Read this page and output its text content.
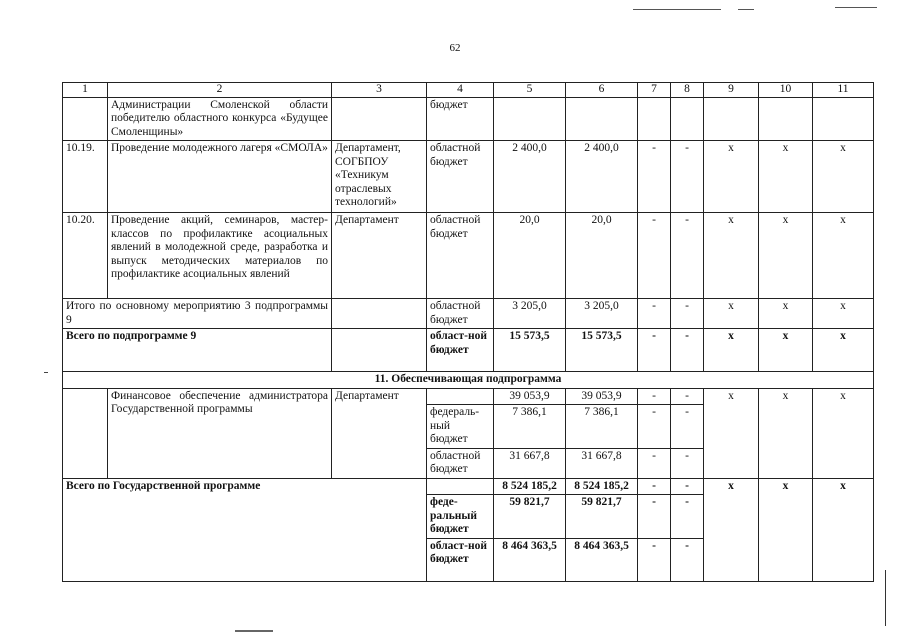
62
1	2	3	4	5	6	7	8	9	10	11
	Администрации Смоленской области победителю областного конкурса «Будущее Смоленщины»		бюджет							
10.19.	Проведение молодежного лагеря «СМОЛА»	Департамент, СОГБПОУ «Техникум отраслевых технологий»	областной бюджет	2 400,0	2 400,0	-	-	х	х	х
10.20.	Проведение акций, семинаров, мастер-классов по профилактике асоциальных явлений в молодежной среде, разработка и выпуск методических материалов по профилактике асоциальных явлений	Департамент	областной бюджет	20,0	20,0	-	-	х	х	х
Итого по основному мероприятию 3 подпрограммы 9			областной бюджет	3 205,0	3 205,0	-	-	х	х	х
Всего по подпрограмме 9			област-ной бюджет	15 573,5	15 573,5	-	-	х	х	х
11. Обеспечивающая подпрограмма										
	Финансовое обеспечение администратора Государственной программы	Департамент		39 053,9	39 053,9	-	-	х	х	х
			федераль-ный бюджет	7 386,1	7 386,1	-	-			
			областной бюджет	31 667,8	31 667,8	-	-			
Всего по Государственной программе				8 524 185,2	8 524 185,2	-	-	х	х	х
			феде-ральный бюджет	59 821,7	59 821,7	-	-			
			област-ной бюджет	8 464 363,5	8 464 363,5	-	-			
